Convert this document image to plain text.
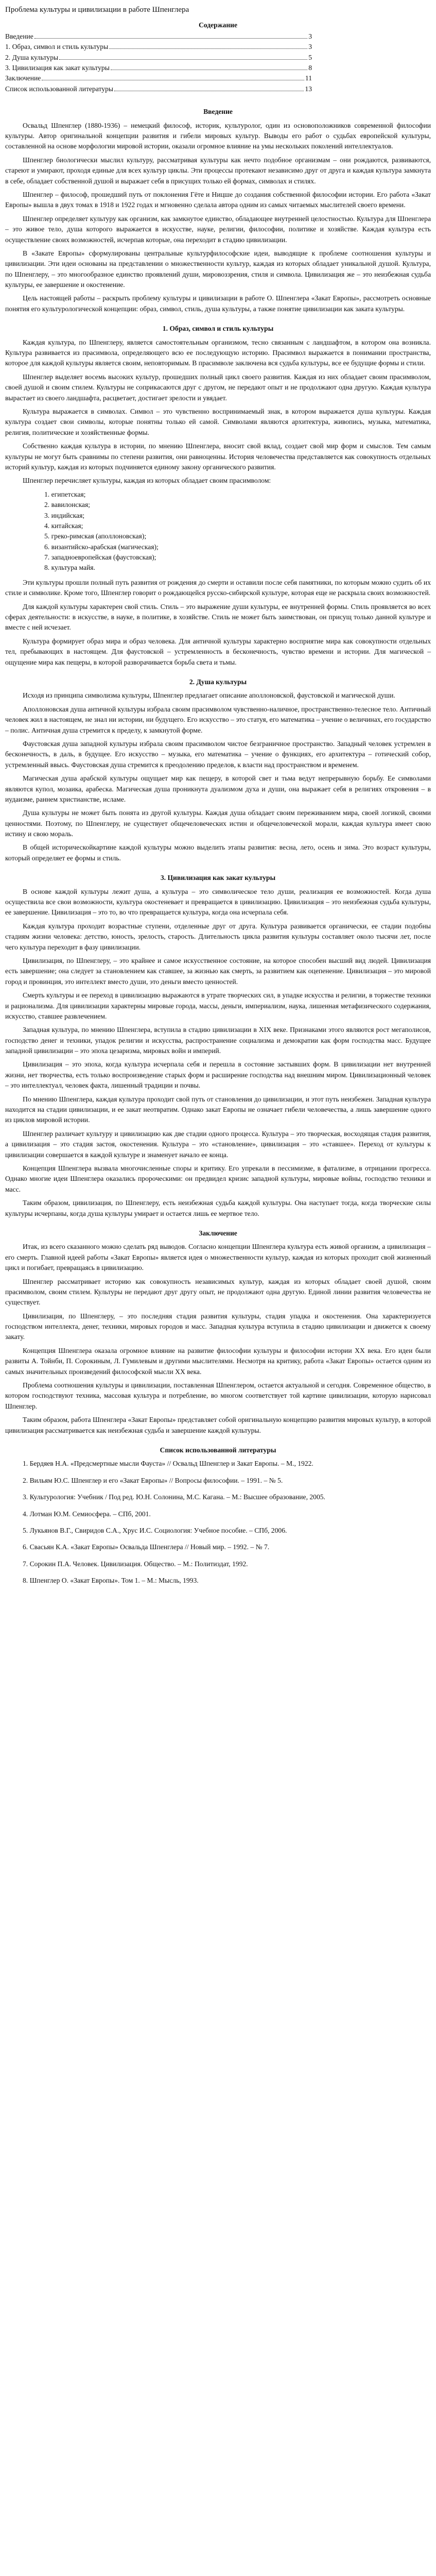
Проблема культуры и цивилизации в работе Шпенглера
Содержание
Введение	3
1. Образ, символ и стиль культуры	3
2. Душа культуры	5
3. Цивилизация как закат культуры	8
Заключение	11
Список использованной литературы	13
Введение

Освальд Шпенглер (1880-1936) – немецкий философ, историк, культуролог, один из основоположников современной философии культуры. Автор оригинальной концепции развития и гибели мировых культур. Выводы его работ о судьбах европейской культуры, составленной на основе морфологии мировой истории, оказали огромное влияние на умы нескольких поколений интеллектуалов.

Шпенглер биологически мыслил культуру, рассматривая культуры как нечто подобное организмам – они рождаются, развиваются, стареют и умирают, проходя единые для всех культур циклы. Эти процессы протекают независимо друг от друга и каждая культура замкнута в себе, обладает собственной душой и выражает себя в присущих только ей формах, символах и стилях.

Шпенглер – философ, прошедший путь от поклонения Гёте и Ницше до создания собственной философии истории. Его работа «Закат Европы» вышла в двух томах в 1918 и 1922 годах и мгновенно сделала автора одним из самых читаемых мыслителей своего времени.

Шпенглер определяет культуру как организм, как замкнутое единство, обладающее внутренней целостностью. Культура для Шпенглера – это живое тело, душа которого выражается в искусстве, науке, религии, философии, политике и хозяйстве. Каждая культура есть осуществление своих возможностей, исчерпав которые, она переходит в стадию цивилизации.

В «Закате Европы» сформулированы центральные культурфилософские идеи, выводящие к проблеме соотношения культуры и цивилизации. Эти идеи основаны на представлении о множественности культур, каждая из которых обладает уникальной душой. Культура, по Шпенглеру, – это многообразное единство проявлений души, мировоззрения, стиля и символа. Цивилизация же – это неизбежная судьба культуры, ее завершение и окостенение.

Цель настоящей работы – раскрыть проблему культуры и цивилизации в работе О. Шпенглера «Закат Европы», рассмотреть основные понятия его культурологической концепции: образ, символ, стиль, душа культуры, а также понятие цивилизации как заката культуры.

1. Образ, символ и стиль культуры

Каждая культура, по Шпенглеру, является самостоятельным организмом, тесно связанным с ландшафтом, в котором она возникла. Культура развивается из прасимвола, определяющего всю ее последующую историю. Прасимвол выражается в понимании пространства, которое для каждой культуры является своим, неповторимым. В прасимволе заключена вся судьба культуры, все ее будущие формы и стили.

Шпенглер выделяет восемь высоких культур, прошедших полный цикл своего развития. Каждая из них обладает своим прасимволом, своей душой и своим стилем. Культуры не соприкасаются друг с другом, не передают опыт и не продолжают одна другую. Каждая культура вырастает из своего ландшафта, расцветает, достигает зрелости и увядает.

Культура выражается в символах. Символ – это чувственно воспринимаемый знак, в котором выражается душа культуры. Каждая культура создает свои символы, которые понятны только ей самой. Символами являются архитектура, живопись, музыка, математика, религия, политические и хозяйственные формы.

Собственно каждая культура в истории, по мнению Шпенглера, вносит свой вклад, создает свой мир форм и смыслов. Тем самым культуры не могут быть сравнимы по степени развития, они равноценны. История человечества представляется как совокупность отдельных историй культур, каждая из которых подчиняется единому закону органического развития.

Шпенглер перечисляет культуры, каждая из которых обладает своим прасимволом:

1. египетская;
2. вавилонская;
3. индийская;
4. китайская;
5. греко-римская (аполлоновская);
6. византийско-арабская (магическая);
7. западноевропейская (фаустовская);
8. культура майя.

Эти культуры прошли полный путь развития от рождения до смерти и оставили после себя памятники, по которым можно судить об их стиле и символике. Кроме того, Шпенглер говорит о рождающейся русско-сибирской культуре, которая еще не раскрыла своих возможностей.

Для каждой культуры характерен свой стиль. Стиль – это выражение души культуры, ее внутренней формы. Стиль проявляется во всех сферах деятельности: в искусстве, в науке, в политике, в хозяйстве. Стиль не может быть заимствован, он присущ только данной культуре и вместе с ней исчезает.

Культура формирует образ мира и образ человека. Для античной культуры характерно восприятие мира как совокупности отдельных тел, пребывающих в настоящем. Для фаустовской – устремленность в бесконечность, чувство времени и истории. Для магической – ощущение мира как пещеры, в которой разворачивается борьба света и тьмы.

2. Душа культуры

Исходя из принципа символизма культуры, Шпенглер предлагает описание аполлоновской, фаустовской и магической души.

Аполлоновская душа античной культуры избрала своим прасимволом чувственно-наличное, пространственно-телесное тело. Античный человек жил в настоящем, не знал ни истории, ни будущего. Его искусство – это статуя, его математика – учение о величинах, его государство – полис. Античная душа стремится к пределу, к замкнутой форме.

Фаустовская душа западной культуры избрала своим прасимволом чистое безграничное пространство. Западный человек устремлен в бесконечность, в даль, в будущее. Его искусство – музыка, его математика – учение о функциях, его архитектура – готический собор, устремленный ввысь. Фаустовская душа стремится к преодолению пределов, к власти над пространством и временем.

Магическая душа арабской культуры ощущает мир как пещеру, в которой свет и тьма ведут непрерывную борьбу. Ее символами являются купол, мозаика, арабеска. Магическая душа проникнута дуализмом духа и души, она выражает себя в религиях откровения – в иудаизме, раннем христианстве, исламе.

Душа культуры не может быть понята из другой культуры. Каждая душа обладает своим переживанием мира, своей логикой, своими ценностями. Поэтому, по Шпенглеру, не существует общечеловеческих истин и общечеловеческой морали, каждая культура имеет свою истину и свою мораль.

В общей историческойкартине каждой культуры можно выделить этапы развития: весна, лето, осень и зима. Это возраст культуры, который определяет ее формы и стиль.

3. Цивилизация как закат культуры

В основе каждой культуры лежит душа, а культура – это символическое тело души, реализация ее возможностей. Когда душа осуществила все свои возможности, культура окостеневает и превращается в цивилизацию. Цивилизация – это неизбежная судьба культуры, ее завершение. Цивилизация – это то, во что превращается культура, когда она исчерпала себя.

Каждая культура проходит возрастные ступени, отделенные друг от друга. Культура развивается органически, ее стадии подобны стадиям жизни человека: детство, юность, зрелость, старость. Длительность цикла развития культуры составляет около тысячи лет, после чего культура переходит в фазу цивилизации.

Цивилизация, по Шпенглеру, – это крайнее и самое искусственное состояние, на которое способен высший вид людей. Цивилизация есть завершение; она следует за становлением как ставшее, за жизнью как смерть, за развитием как оцепенение. Цивилизация – это мировой город и провинция, это интеллект вместо души, это деньги вместо ценностей.

Смерть культуры и ее переход в цивилизацию выражаются в утрате творческих сил, в упадке искусства и религии, в торжестве техники и рационализма. Для цивилизации характерны мировые города, массы, деньги, империализм, наука, лишенная метафизического содержания, искусство, ставшее развлечением.

Западная культура, по мнению Шпенглера, вступила в стадию цивилизации в XIX веке. Признаками этого являются рост мегаполисов, господство денег и техники, упадок религии и искусства, распространение социализма и демократии как форм господства масс. Будущее западной цивилизации – это эпоха цезаризма, мировых войн и империй.

Цивилизация – это эпоха, когда культура исчерпала себя и перешла в состояние застывших форм. В цивилизации нет внутренней жизни, нет творчества, есть только воспроизведение старых форм и расширение господства над внешним миром. Цивилизационный человек – это интеллектуал, человек факта, лишенный традиции и почвы.

По мнению Шпенглера, каждая культура проходит свой путь от становления до цивилизации, и этот путь неизбежен. Западная культура находится на стадии цивилизации, и ее закат неотвратим. Однако закат Европы не означает гибели человечества, а лишь завершение одного из циклов мировой истории.

Шпенглер различает культуру и цивилизацию как две стадии одного процесса. Культура – это творческая, восходящая стадия развития, а цивилизация – это стадия застоя, окостенения. Культура – это «становление», цивилизация – это «ставшее». Переход от культуры к цивилизации совершается в каждой культуре и знаменует начало ее конца.

Концепция Шпенглера вызвала многочисленные споры и критику. Его упрекали в пессимизме, в фатализме, в отрицании прогресса. Однако многие идеи Шпенглера оказались пророческими: он предвидел кризис западной культуры, мировые войны, господство техники и масс.

Таким образом, цивилизация, по Шпенглеру, есть неизбежная судьба каждой культуры. Она наступает тогда, когда творческие силы культуры исчерпаны, когда душа культуры умирает и остается лишь ее мертвое тело.

Заключение

Итак, из всего сказанного можно сделать ряд выводов. Согласно концепции Шпенглера культура есть живой организм, а цивилизация – его смерть. Главной идеей работы «Закат Европы» является идея о множественности культур, каждая из которых проходит свой жизненный цикл и погибает, превращаясь в цивилизацию.

Шпенглер рассматривает историю как совокупность независимых культур, каждая из которых обладает своей душой, своим прасимволом, своим стилем. Культуры не передают друг другу опыт, не продолжают одна другую. Единой линии развития человечества не существует.

Цивилизация, по Шпенглеру, – это последняя стадия развития культуры, стадия упадка и окостенения. Она характеризуется господством интеллекта, денег, техники, мировых городов и масс. Западная культура вступила в стадию цивилизации и движется к своему закату.

Концепция Шпенглера оказала огромное влияние на развитие философии культуры и философии истории XX века. Его идеи были развиты А. Тойнби, П. Сорокиным, Л. Гумилевым и другими мыслителями. Несмотря на критику, работа «Закат Европы» остается одним из самых значительных произведений философской мысли XX века.

Проблема соотношения культуры и цивилизации, поставленная Шпенглером, остается актуальной и сегодня. Современное общество, в котором господствуют техника, массовая культура и потребление, во многом соответствует той картине цивилизации, которую нарисовал Шпенглер.

Таким образом, работа Шпенглера «Закат Европы» представляет собой оригинальную концепцию развития мировых культур, в которой цивилизация рассматривается как неизбежная судьба и завершение каждой культуры.

Список использованной литературы
1. Бердяев Н.А. «Предсмертные мысли Фауста» // Освальд Шпенглер и Закат Европы. – М., 1922.
2. Вильям Ю.С. Шпенглер и его «Закат Европы» // Вопросы философии. – 1991. – № 5.
3. Культурология: Учебник / Под ред. Ю.Н. Солонина, М.С. Кагана. – М.: Высшее образование, 2005.
4. Лотман Ю.М. Семиосфера. – СПб, 2001.
5. Лукьянов В.Г., Свиридов С.А., Хрус И.С. Социология: Учебное пособие. – СПб, 2006.
6. Свасьян К.А. «Закат Европы» Освальда Шпенглера // Новый мир. – 1992. – № 7.
7. Сорокин П.А. Человек. Цивилизация. Общество. – М.: Политиздат, 1992.
8. Шпенглер О. «Закат Европы». Том 1. – М.: Мысль, 1993.
